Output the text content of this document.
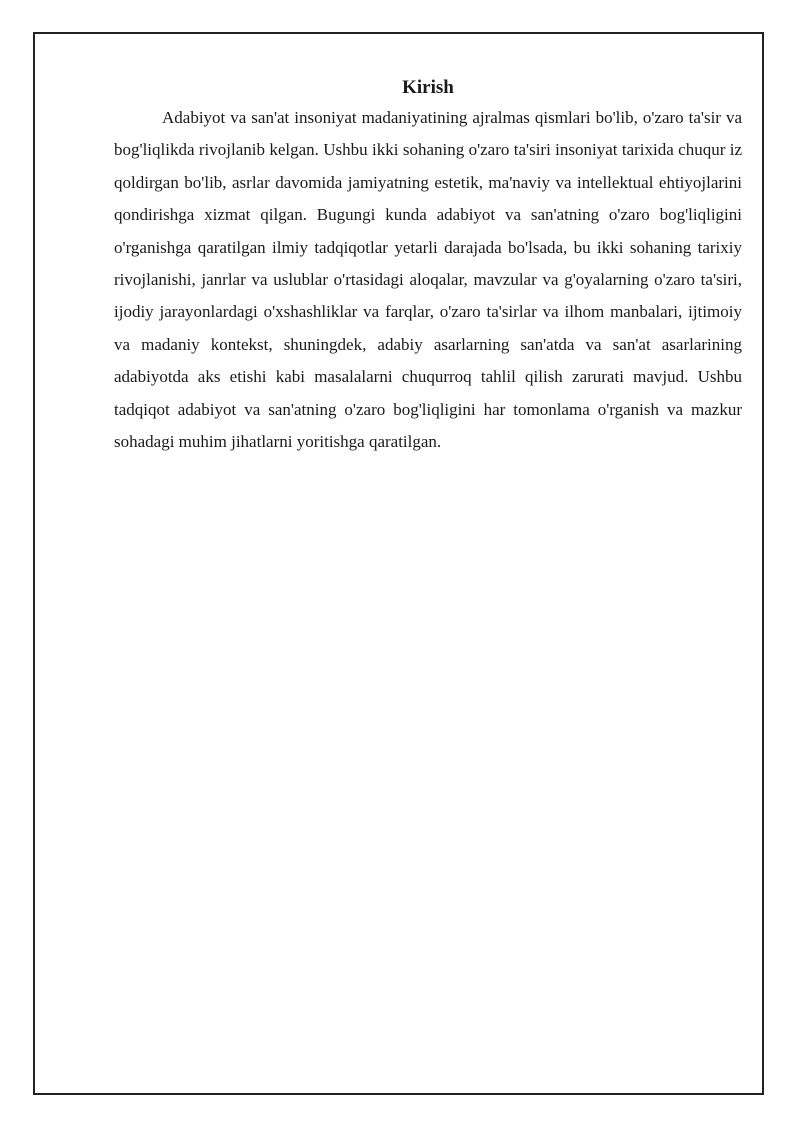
Kirish

Adabiyot va san'at insoniyat madaniyatining ajralmas qismlari bo'lib, o'zaro ta'sir va bog'liqlikda rivojlanib kelgan. Ushbu ikki sohaning o'zaro ta'siri insoniyat tarixida chuqur iz qoldirgan bo'lib, asrlar davomida jamiyatning estetik, ma'naviy va intellektual ehtiyojlarini qondirishga xizmat qilgan. Bugungi kunda adabiyot va san'atning o'zaro bog'liqligini o'rganishga qaratilgan ilmiy tadqiqotlar yetarli darajada bo'lsada, bu ikki sohaning tarixiy rivojlanishi, janrlar va uslublar o'rtasidagi aloqalar, mavzular va g'oyalarning o'zaro ta'siri, ijodiy jarayonlardagi o'xshashliklar va farqlar, o'zaro ta'sirlar va ilhom manbalari, ijtimoiy va madaniy kontekst, shuningdek, adabiy asarlarning san'atda va san'at asarlarining adabiyotda aks etishi kabi masalalarni chuqurroq tahlil qilish zarurati mavjud. Ushbu tadqiqot adabiyot va san'atning o'zaro bog'liqligini har tomonlama o'rganish va mazkur sohadagi muhim jihatlarni yoritishga qaratilgan.
